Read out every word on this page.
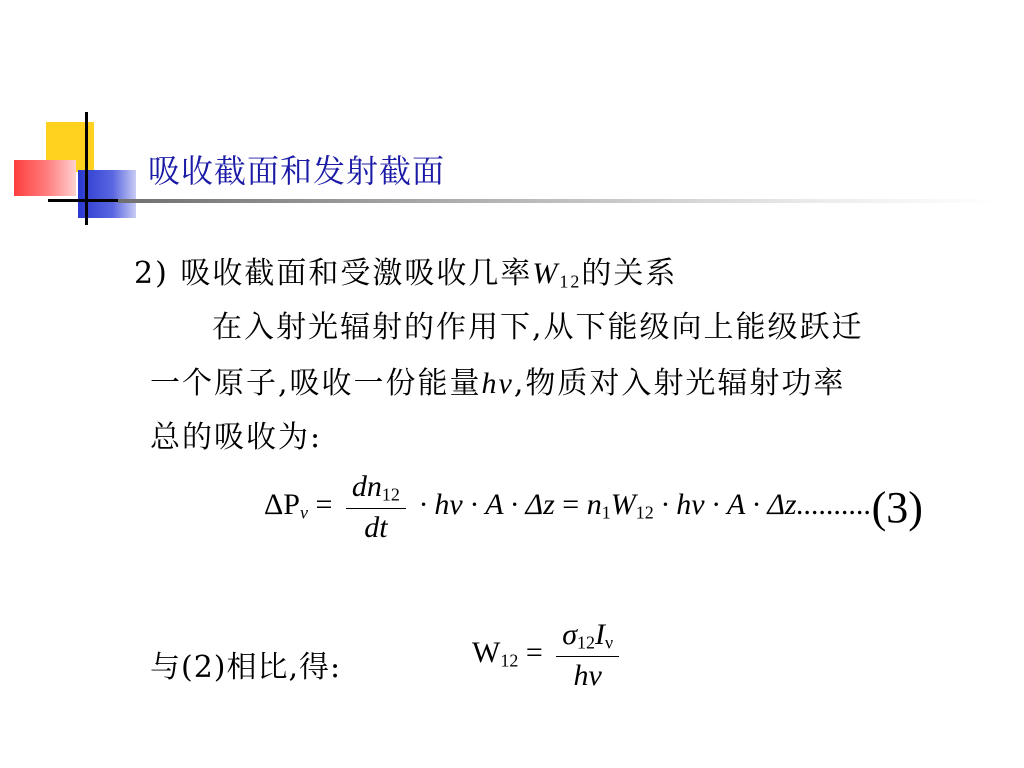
吸收截面和发射截面
2) 吸收截面和受激吸收几率$W_{12}$的关系
在入射光辐射的作用下,从下能级向上能级跃迁
一个原子,吸收一份能量hν,物质对入射光辐射功率
总的吸收为:
$\Delta P_\nu = \frac{dn_{12}}{dt} \cdot h\nu \cdot A \cdot \Delta z = n_1W_{12} \cdot h\nu \cdot A \cdot \Delta z..........(3)$
与(2)相比,得:	$W_{12} = \frac{\sigma_{12}I_\nu}{h\nu}$
